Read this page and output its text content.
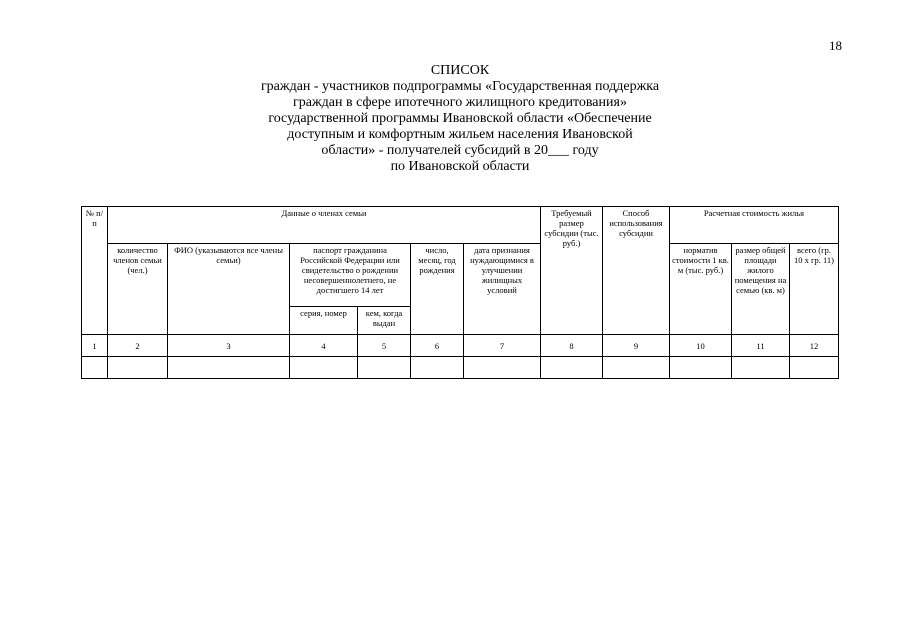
18
СПИСОК
граждан - участников подпрограммы «Государственная поддержка
граждан в сфере ипотечного жилищного кредитования»
государственной программы Ивановской области «Обеспечение
доступным и комфортным жильем населения Ивановской
области» - получателей субсидий в 20___ году
по Ивановской области
№ п/п	Данные о членах семьи						Требуемый размер субсидии (тыс. руб.)	Способ использования субсидии	Расчетная стоимость жилья		
	количество членов семьи (чел.)	ФИО (указываются все члены семьи)	паспорт гражданина Российской Федерации или свидетельство о рождении несовершеннолетнего, не достигшего 14 лет		число, месяц, год рождения	дата признания нуждающимися в улучшении жилищных условий			норматив стоимости 1 кв. м (тыс. руб.)	размер общей площади жилого помещения на семью (кв. м)	всего (гр. 10 х гр. 11)
			серия, номер	кем, когда выдан							
1	2	3	4	5	6	7	8	9	10	11	12
